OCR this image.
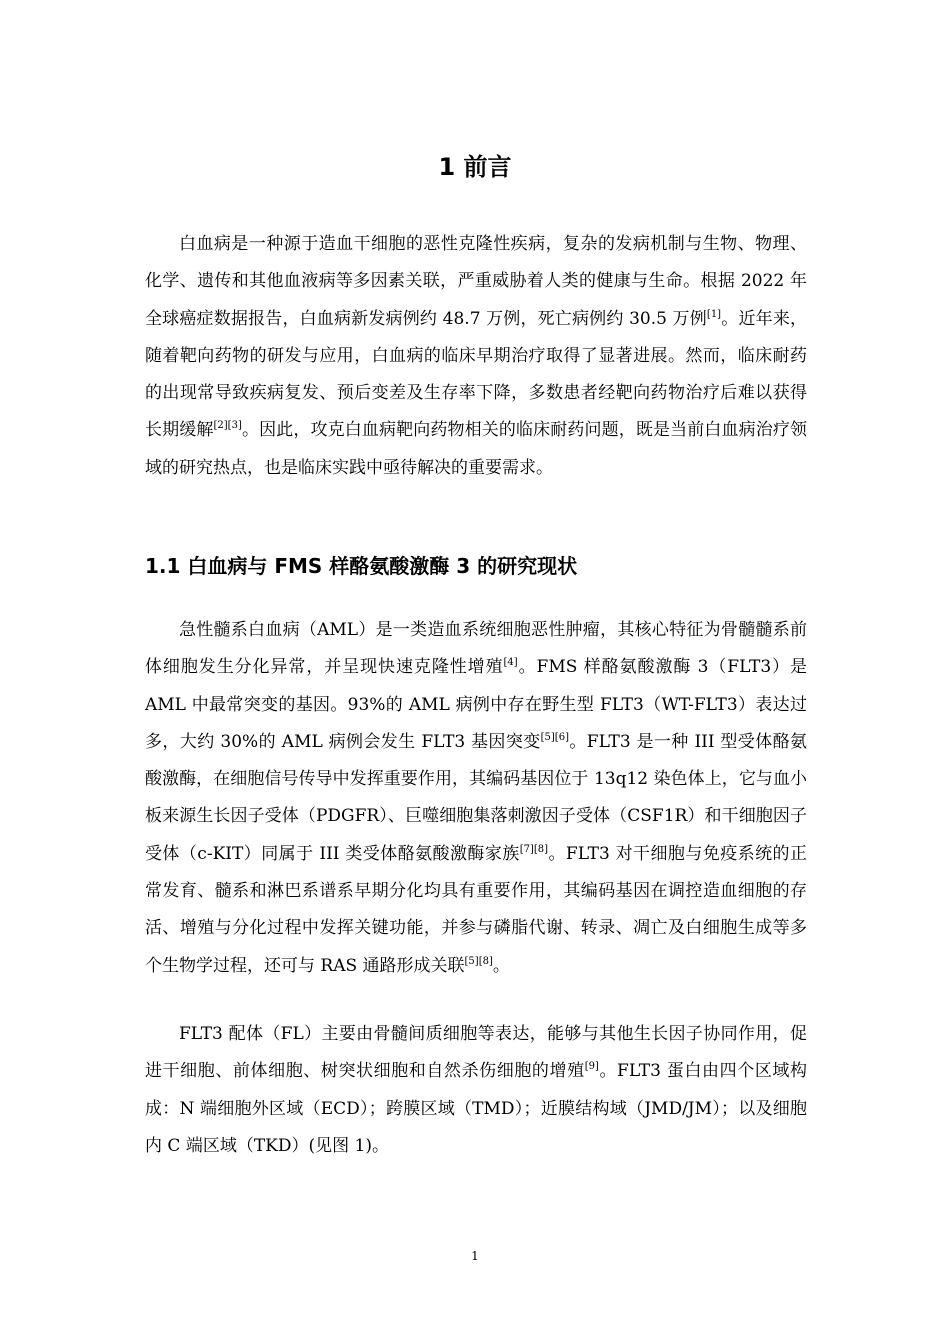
1 前言

白血病是一种源于造血干细胞的恶性克隆性疾病，复杂的发病机制与生物、物理、化学、遗传和其他血液病等多因素关联，严重威胁着人类的健康与生命。根据 2022 年全球癌症数据报告，白血病新发病例约 48.7 万例，死亡病例约 30.5 万例[1]。近年来，随着靶向药物的研发与应用，白血病的临床早期治疗取得了显著进展。然而，临床耐药的出现常导致疾病复发、预后变差及生存率下降，多数患者经靶向药物治疗后难以获得长期缓解[2][3]。因此，攻克白血病靶向药物相关的临床耐药问题，既是当前白血病治疗领域的研究热点，也是临床实践中亟待解决的重要需求。

1.1 白血病与 FMS 样酪氨酸激酶 3 的研究现状

急性髓系白血病（AML）是一类造血系统细胞恶性肿瘤，其核心特征为骨髓髓系前体细胞发生分化异常，并呈现快速克隆性增殖[4]。FMS 样酪氨酸激酶 3（FLT3）是 AML 中最常突变的基因。93%的 AML 病例中存在野生型 FLT3（WT-FLT3）表达过多，大约 30%的 AML 病例会发生 FLT3 基因突变[5][6]。FLT3 是一种 III 型受体酪氨酸激酶，在细胞信号传导中发挥重要作用，其编码基因位于 13q12 染色体上，它与血小板来源生长因子受体（PDGFR）、巨噬细胞集落刺激因子受体（CSF1R）和干细胞因子受体（c-KIT）同属于 III 类受体酪氨酸激酶家族[7][8]。FLT3 对干细胞与免疫系统的正常发育、髓系和淋巴系谱系早期分化均具有重要作用，其编码基因在调控造血细胞的存活、增殖与分化过程中发挥关键功能，并参与磷脂代谢、转录、凋亡及白细胞生成等多个生物学过程，还可与 RAS 通路形成关联[5][8]。

FLT3 配体（FL）主要由骨髓间质细胞等表达，能够与其他生长因子协同作用，促进干细胞、前体细胞、树突状细胞和自然杀伤细胞的增殖[9]。FLT3 蛋白由四个区域构成：N 端细胞外区域（ECD）；跨膜区域（TMD）；近膜结构域（JMD/JM）；以及细胞内 C 端区域（TKD）(见图 1)。

1
